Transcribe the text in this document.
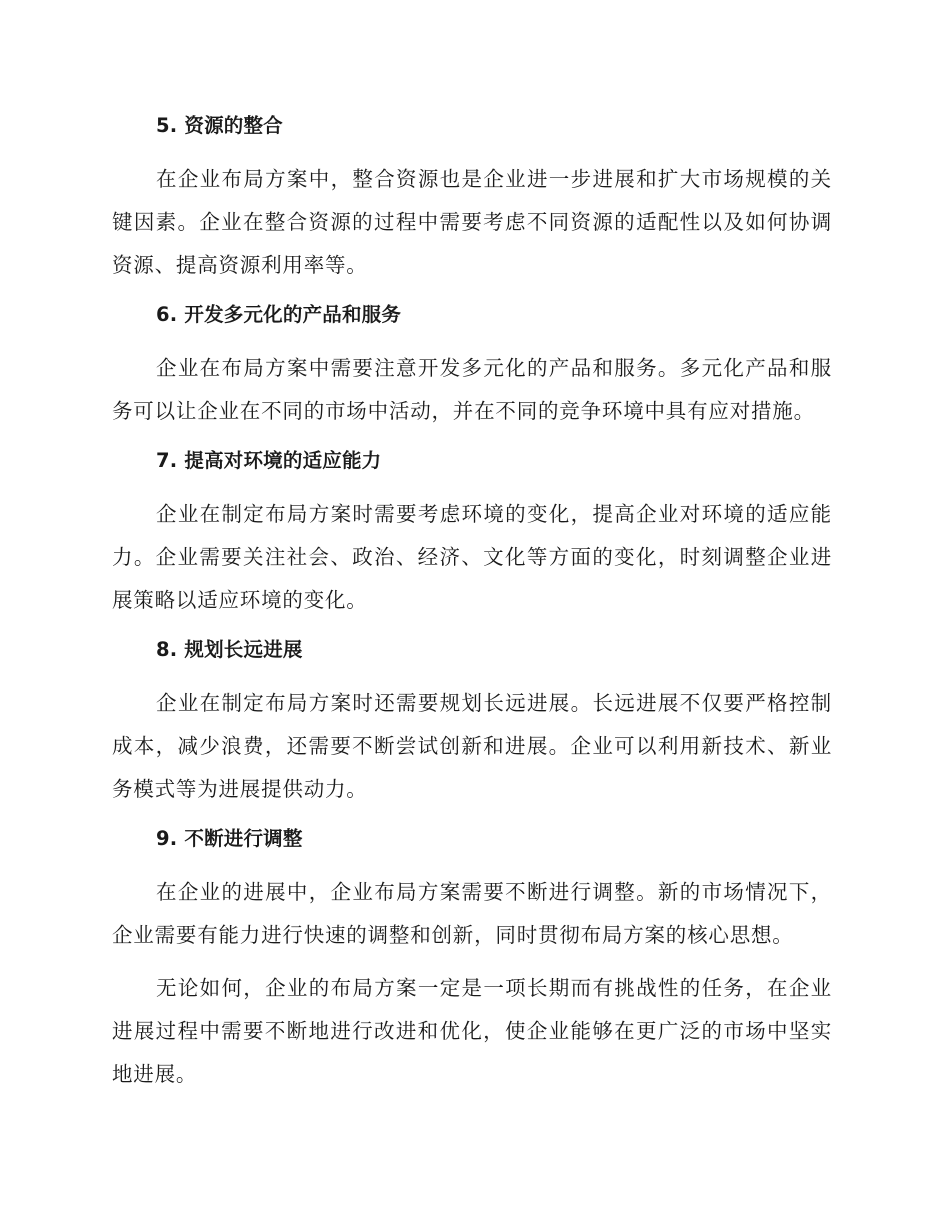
5. 资源的整合

在企业布局方案中，整合资源也是企业进一步进展和扩大市场规模的关键因素。企业在整合资源的过程中需要考虑不同资源的适配性以及如何协调资源、提高资源利用率等。

6. 开发多元化的产品和服务

企业在布局方案中需要注意开发多元化的产品和服务。多元化产品和服务可以让企业在不同的市场中活动，并在不同的竞争环境中具有应对措施。

7. 提高对环境的适应能力

企业在制定布局方案时需要考虑环境的变化，提高企业对环境的适应能力。企业需要关注社会、政治、经济、文化等方面的变化，时刻调整企业进展策略以适应环境的变化。

8. 规划长远进展

企业在制定布局方案时还需要规划长远进展。长远进展不仅要严格控制成本，减少浪费，还需要不断尝试创新和进展。企业可以利用新技术、新业务模式等为进展提供动力。

9. 不断进行调整

在企业的进展中，企业布局方案需要不断进行调整。新的市场情况下，企业需要有能力进行快速的调整和创新，同时贯彻布局方案的核心思想。

无论如何，企业的布局方案一定是一项长期而有挑战性的任务，在企业进展过程中需要不断地进行改进和优化，使企业能够在更广泛的市场中坚实地进展。
